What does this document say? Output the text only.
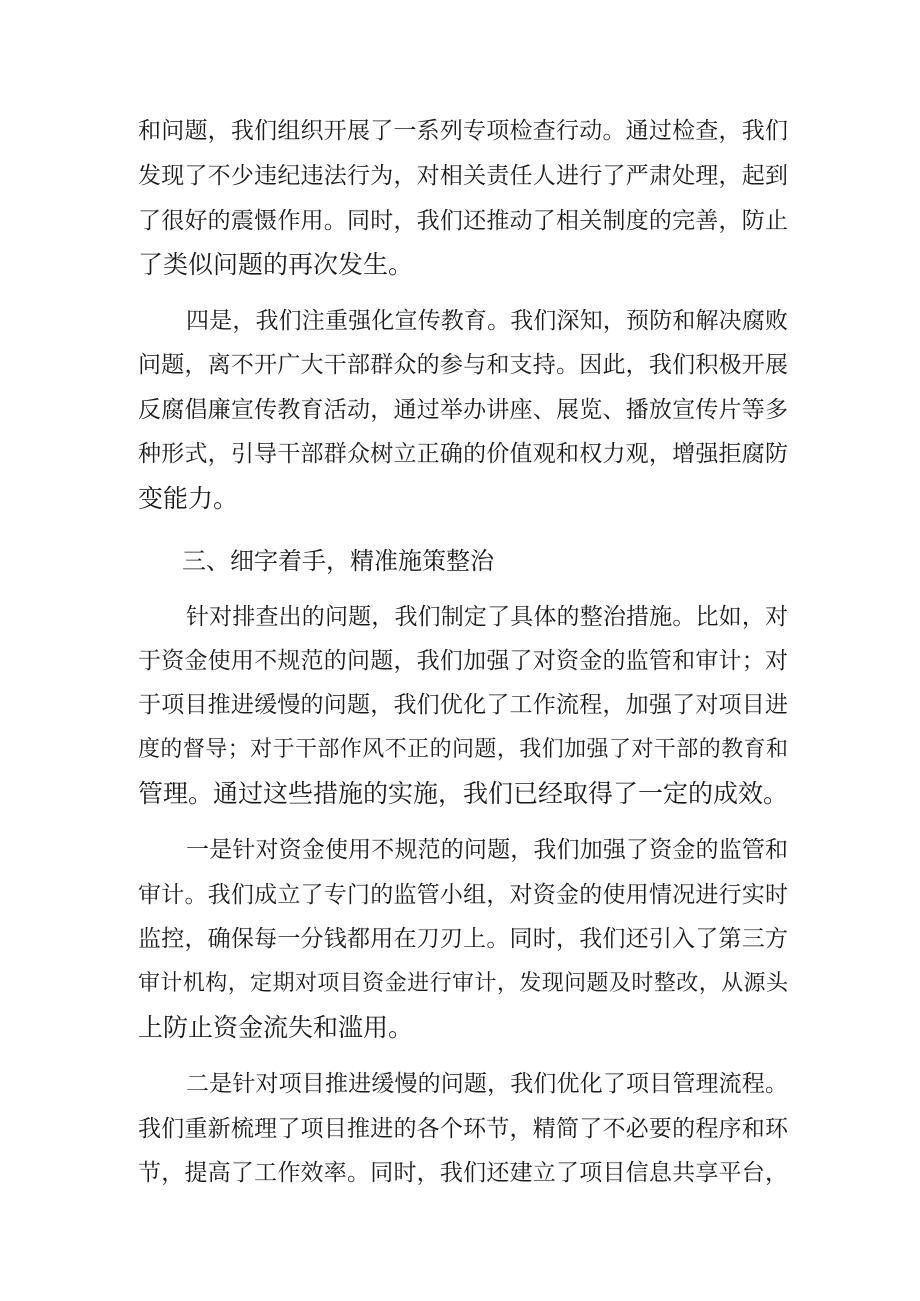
和问题，我们组织开展了一系列专项检查行动。通过检查，我们
发现了不少违纪违法行为，对相关责任人进行了严肃处理，起到
了很好的震慑作用。同时，我们还推动了相关制度的完善，防止
了类似问题的再次发生。
四是，我们注重强化宣传教育。我们深知，预防和解决腐败
问题，离不开广大干部群众的参与和支持。因此，我们积极开展
反腐倡廉宣传教育活动，通过举办讲座、展览、播放宣传片等多
种形式，引导干部群众树立正确的价值观和权力观，增强拒腐防
变能力。
三、细字着手，精准施策整治
针对排查出的问题，我们制定了具体的整治措施。比如，对
于资金使用不规范的问题，我们加强了对资金的监管和审计；对
于项目推进缓慢的问题，我们优化了工作流程，加强了对项目进
度的督导；对于干部作风不正的问题，我们加强了对干部的教育和
管理。通过这些措施的实施，我们已经取得了一定的成效。
一是针对资金使用不规范的问题，我们加强了资金的监管和
审计。我们成立了专门的监管小组，对资金的使用情况进行实时
监控，确保每一分钱都用在刀刃上。同时，我们还引入了第三方
审计机构，定期对项目资金进行审计，发现问题及时整改，从源头
上防止资金流失和滥用。
二是针对项目推进缓慢的问题，我们优化了项目管理流程。
我们重新梳理了项目推进的各个环节，精简了不必要的程序和环
节，提高了工作效率。同时，我们还建立了项目信息共享平台，
